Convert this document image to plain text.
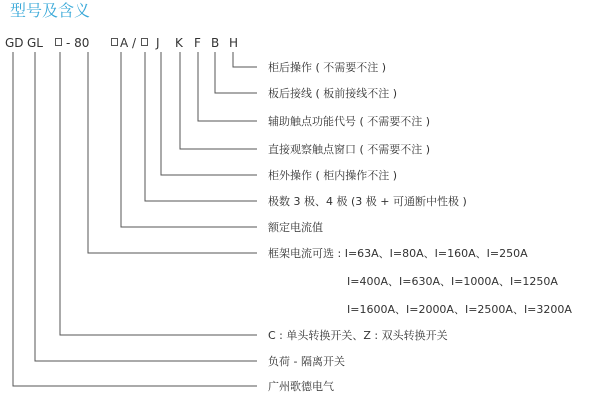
型号及含义
GD GL - 80	A / J K F B H
柜后操作 ( 不需要不注 )
板后接线 ( 板前接线不注 )
辅助触点功能代号 ( 不需要不注 )
直接观察触点窗口 ( 不需要不注 )
柜外操作 ( 柜内操作不注 )
极数 3 极、4 极 (3 极 + 可通断中性极 )
额定电流值
框架电流可选 : I=63A、I=80A、I=160A、I=250A
I=400A、I=630A、I=1000A、I=1250A
I=1600A、I=2000A、I=2500A、I=3200A
C : 单头转换开关、Z : 双头转换开关
负荷 - 隔离开关
广州歌德电气
